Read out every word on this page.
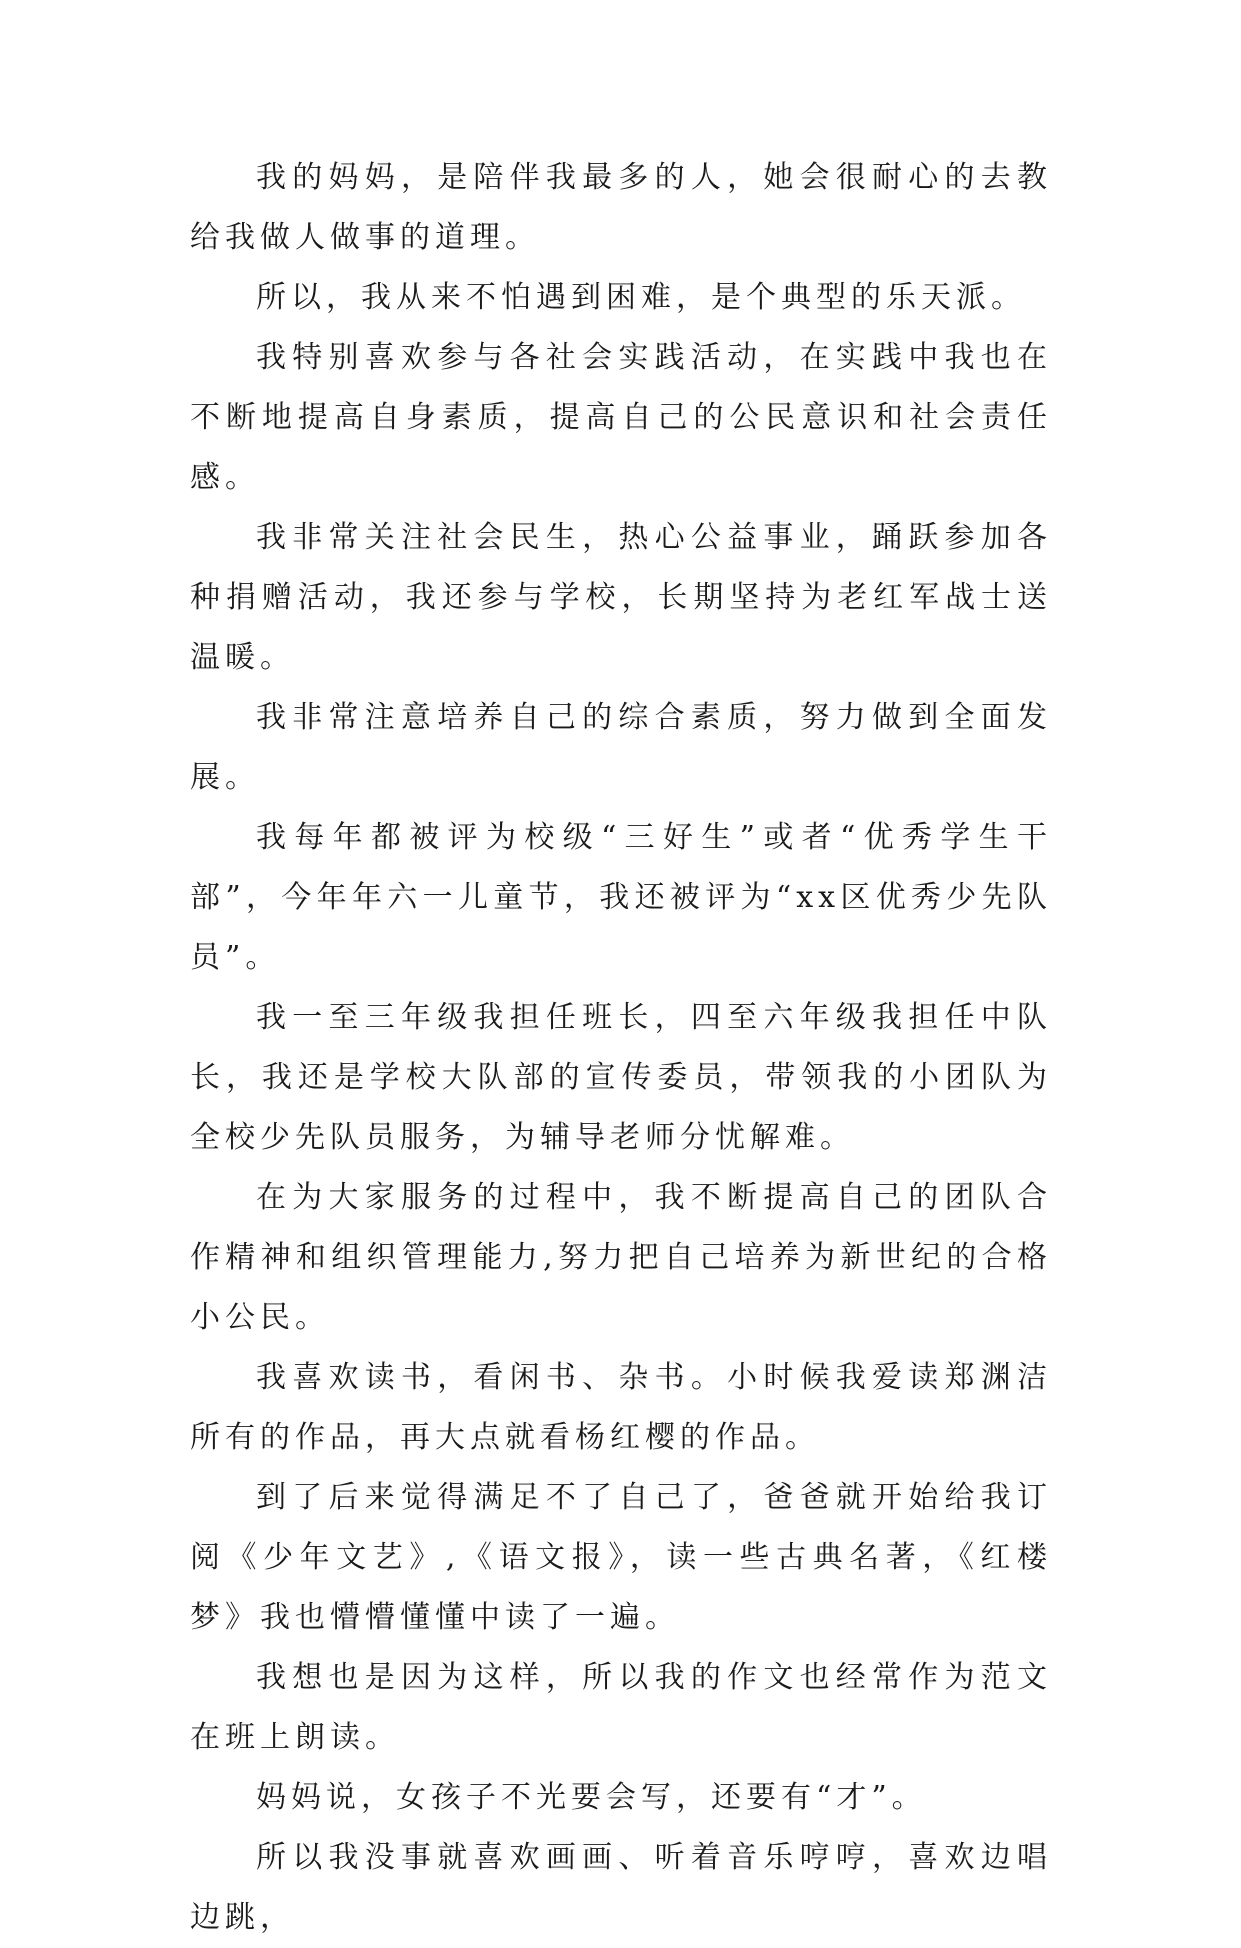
我的妈妈，是陪伴我最多的人，她会很耐心的去教给我做人做事的道理。

所以，我从来不怕遇到困难，是个典型的乐天派。

我特别喜欢参与各社会实践活动，在实践中我也在不断地提高自身素质，提高自己的公民意识和社会责任感。

我非常关注社会民生，热心公益事业，踊跃参加各种捐赠活动，我还参与学校，长期坚持为老红军战士送温暖。

我非常注意培养自己的综合素质，努力做到全面发展。

我每年都被评为校级“三好生”或者“优秀学生干部”，今年年六一儿童节，我还被评为“xx区优秀少先队员”。

我一至三年级我担任班长，四至六年级我担任中队长，我还是学校大队部的宣传委员，带领我的小团队为全校少先队员服务，为辅导老师分忧解难。

在为大家服务的过程中，我不断提高自己的团队合作精神和组织管理能力,努力把自己培养为新世纪的合格小公民。

我喜欢读书，看闲书、杂书。小时候我爱读郑渊洁所有的作品，再大点就看杨红樱的作品。

到了后来觉得满足不了自己了，爸爸就开始给我订阅《少年文艺》,《语文报》，读一些古典名著，《红楼梦》我也懵懵懂懂中读了一遍。

我想也是因为这样，所以我的作文也经常作为范文在班上朗读。

妈妈说，女孩子不光要会写，还要有“才”。

所以我没事就喜欢画画、听着音乐哼哼，喜欢边唱边跳，
